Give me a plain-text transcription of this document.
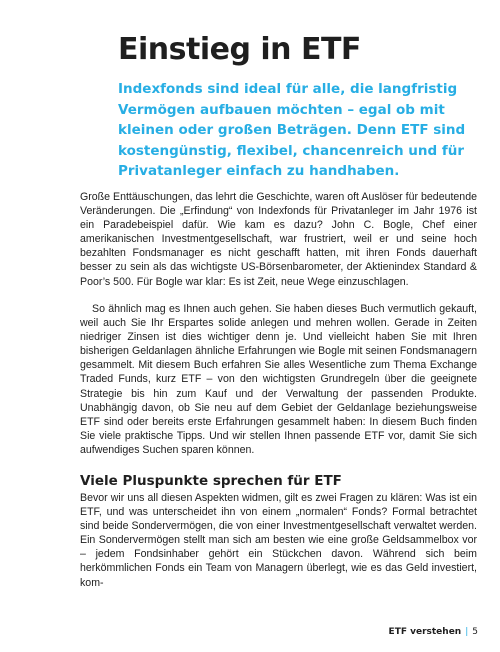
Einstieg in ETF

Indexfonds sind ideal für alle, die langfristig Vermögen aufbauen möchten – egal ob mit kleinen oder großen Beträgen. Denn ETF sind kostengünstig, flexibel, chancenreich und für Privatanleger einfach zu handhaben.

Große Enttäuschungen, das lehrt die Geschichte, waren oft Auslöser für bedeutende Veränderungen. Die „Erfindung“ von Indexfonds für Privatanleger im Jahr 1976 ist ein Paradebeispiel dafür. Wie kam es dazu? John C. Bogle, Chef einer amerikanischen Investmentgesellschaft, war frustriert, weil er und seine hoch bezahlten Fondsmanager es nicht geschafft hatten, mit ihren Fonds dauerhaft besser zu sein als das wichtigste US-Börsenbarometer, der Aktienindex Standard & Poor’s 500. Für Bogle war klar: Es ist Zeit, neue Wege einzuschlagen.

So ähnlich mag es Ihnen auch gehen. Sie haben dieses Buch vermutlich gekauft, weil auch Sie Ihr Erspartes solide anlegen und mehren wollen. Gerade in Zeiten niedriger Zinsen ist dies wichtiger denn je. Und vielleicht haben Sie mit Ihren bisherigen Geldanlagen ähnliche Erfahrungen wie Bogle mit seinen Fondsmanagern gesammelt. Mit diesem Buch erfahren Sie alles Wesentliche zum Thema Exchange Traded Funds, kurz ETF – von den wichtigsten Grundregeln über die geeignete Strategie bis hin zum Kauf und der Verwaltung der passenden Produkte. Unabhängig davon, ob Sie neu auf dem Gebiet der Geldanlage beziehungsweise ETF sind oder bereits erste Erfahrungen gesammelt haben: In diesem Buch finden Sie viele praktische Tipps. Und wir stellen Ihnen passende ETF vor, damit Sie sich aufwendiges Suchen sparen können.

Viele Pluspunkte sprechen für ETF

Bevor wir uns all diesen Aspekten widmen, gilt es zwei Fragen zu klären: Was ist ein ETF, und was unterscheidet ihn von einem „normalen“ Fonds? Formal betrachtet sind beide Sondervermögen, die von einer Investmentgesellschaft verwaltet werden. Ein Sondervermögen stellt man sich am besten wie eine große Geldsammelbox vor – jedem Fondsinhaber gehört ein Stückchen davon. Während sich beim herkömmlichen Fonds ein Team von Managern überlegt, wie es das Geld investiert, kom-

ETF verstehen | 5
